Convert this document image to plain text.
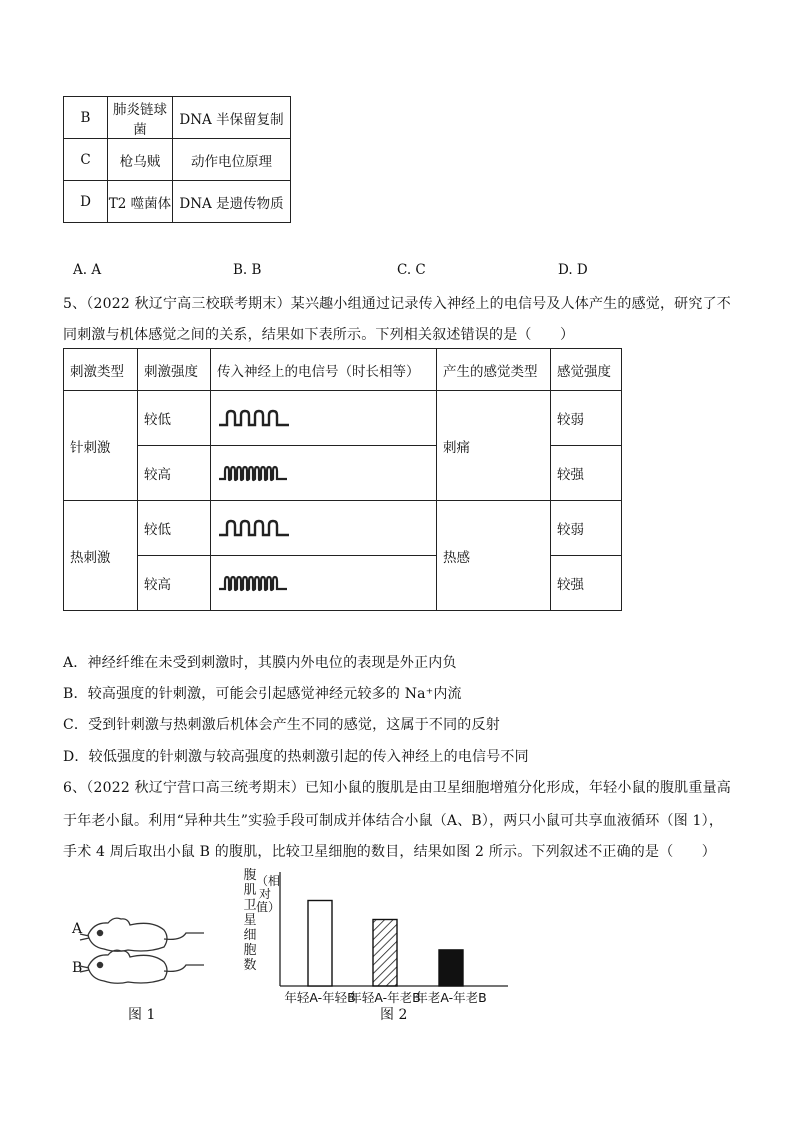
B	肺炎链球菌	DNA 半保留复制
C	枪乌贼	动作电位原理
D	T2 噬菌体	DNA 是遗传物质
A. A	B. B	C. C	D. D
5、（2022 秋辽宁高三校联考期末）某兴趣小组通过记录传入神经上的电信号及人体产生的感觉，研究了不
同刺激与机体感觉之间的关系，结果如下表所示。下列相关叙述错误的是（　　）
刺激类型	刺激强度	传入神经上的电信号（时长相等）	产生的感觉类型	感觉强度
针刺激	较低		刺痛	较弱
	较高			较强
热刺激	较低		热感	较弱
	较高			较强
A．神经纤维在未受到刺激时，其膜内外电位的表现是外正内负
B．较高强度的针刺激，可能会引起感觉神经元较多的 Na⁺内流
C．受到针刺激与热刺激后机体会产生不同的感觉，这属于不同的反射
D．较低强度的针刺激与较高强度的热刺激引起的传入神经上的电信号不同
6、（2022 秋辽宁营口高三统考期末）已知小鼠的腹肌是由卫星细胞增殖分化形成，年轻小鼠的腹肌重量高
于年老小鼠。利用“异种共生”实验手段可制成并体结合小鼠（A、B），两只小鼠可共享血液循环（图 1），
手术 4 周后取出小鼠 B 的腹肌，比较卫星细胞的数目，结果如图 2 所示。下列叙述不正确的是（　　）
A
B
图 1
腹肌卫星细胞数
（相对值）
年轻A-年轻B
年轻A-年老B
年老A-年老B
图 2
